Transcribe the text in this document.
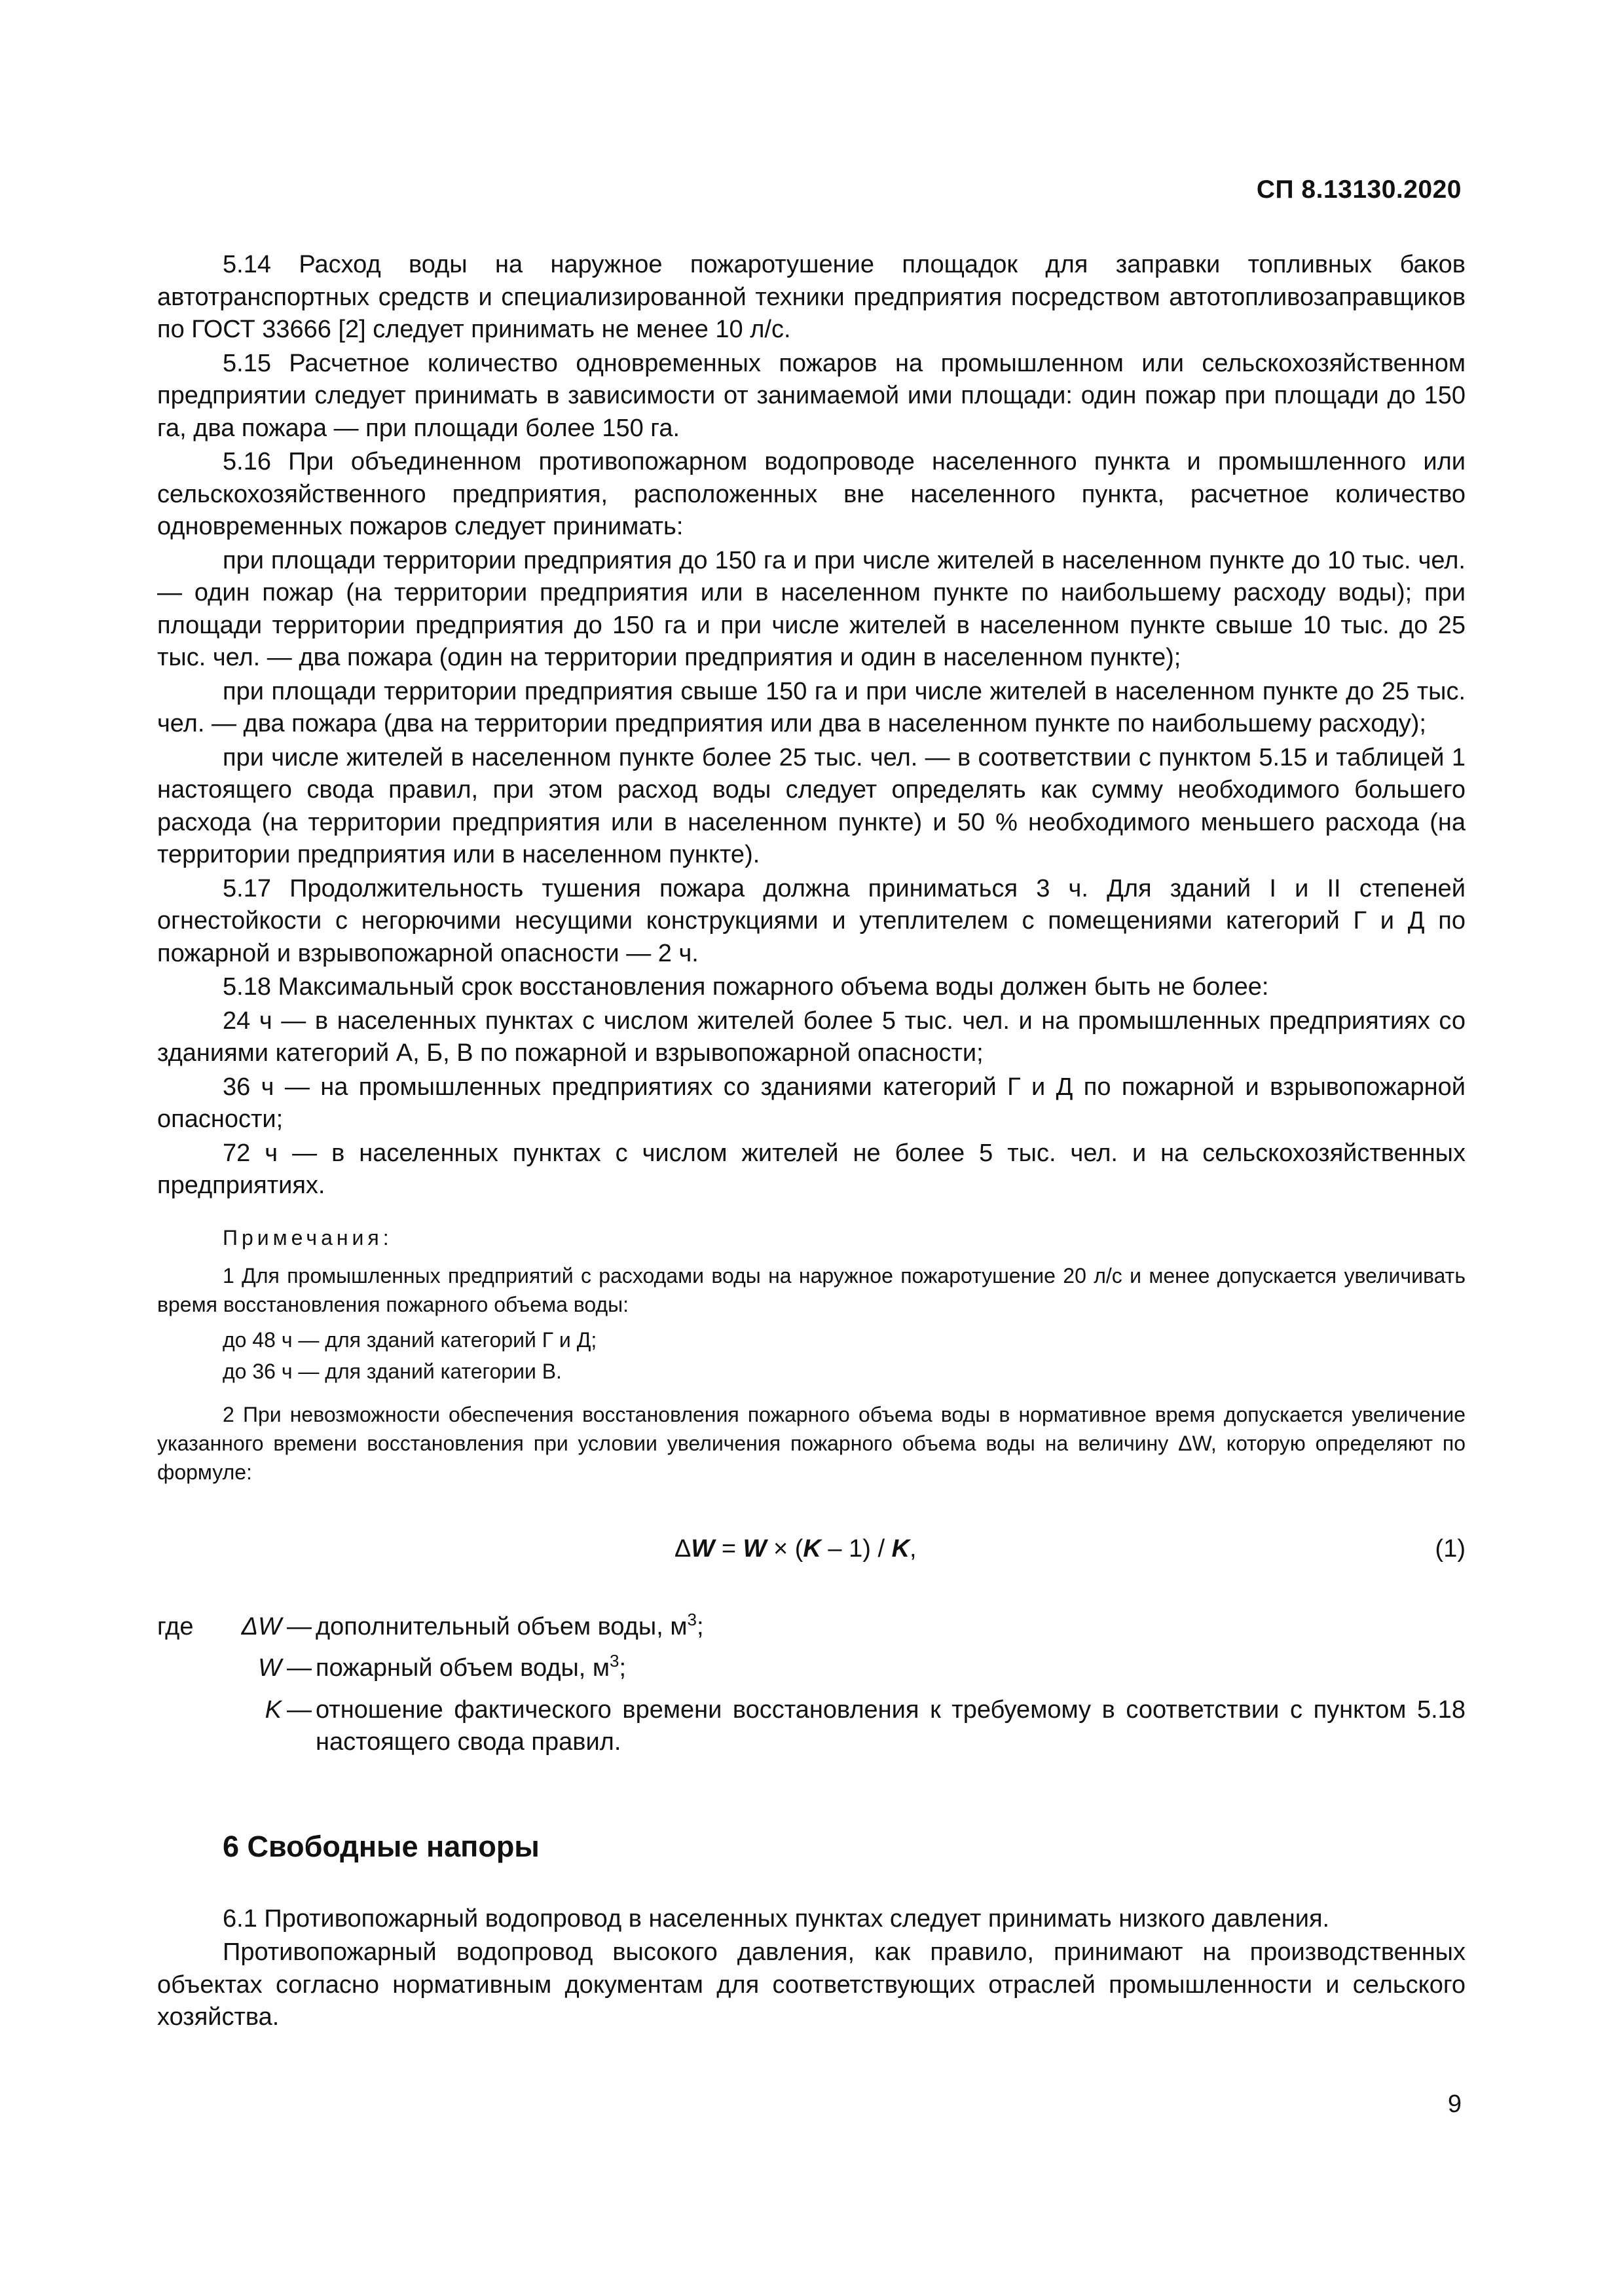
СП 8.13130.2020

5.14 Расход воды на наружное пожаротушение площадок для заправки топливных баков автотранспортных средств и специализированной техники предприятия посредством автотопливозаправщиков по ГОСТ 33666 [2] следует принимать не менее 10 л/с.

5.15 Расчетное количество одновременных пожаров на промышленном или сельскохозяйственном предприятии следует принимать в зависимости от занимаемой ими площади: один пожар при площади до 150 га, два пожара — при площади более 150 га.

5.16 При объединенном противопожарном водопроводе населенного пункта и промышленного или сельскохозяйственного предприятия, расположенных вне населенного пункта, расчетное количество одновременных пожаров следует принимать:

при площади территории предприятия до 150 га и при числе жителей в населенном пункте до 10 тыс. чел. — один пожар (на территории предприятия или в населенном пункте по наибольшему расходу воды); при площади территории предприятия до 150 га и при числе жителей в населенном пункте свыше 10 тыс. до 25 тыс. чел. — два пожара (один на территории предприятия и один в населенном пункте);

при площади территории предприятия свыше 150 га и при числе жителей в населенном пункте до 25 тыс. чел. — два пожара (два на территории предприятия или два в населенном пункте по наибольшему расходу);

при числе жителей в населенном пункте более 25 тыс. чел. — в соответствии с пунктом 5.15 и таблицей 1 настоящего свода правил, при этом расход воды следует определять как сумму необходимого большего расхода (на территории предприятия или в населенном пункте) и 50 % необходимого меньшего расхода (на территории предприятия или в населенном пункте).

5.17 Продолжительность тушения пожара должна приниматься 3 ч. Для зданий I и II степеней огнестойкости с негорючими несущими конструкциями и утеплителем с помещениями категорий Г и Д по пожарной и взрывопожарной опасности — 2 ч.

5.18 Максимальный срок восстановления пожарного объема воды должен быть не более:

24 ч — в населенных пунктах с числом жителей более 5 тыс. чел. и на промышленных предприятиях со зданиями категорий А, Б, В по пожарной и взрывопожарной опасности;

36 ч — на промышленных предприятиях со зданиями категорий Г и Д по пожарной и взрывопожарной опасности;

72 ч — в населенных пунктах с числом жителей не более 5 тыс. чел. и на сельскохозяйственных предприятиях.

Примечания:

1 Для промышленных предприятий с расходами воды на наружное пожаротушение 20 л/с и менее допускается увеличивать время восстановления пожарного объема воды:

до 48 ч — для зданий категорий Г и Д;
до 36 ч — для зданий категории В.

2 При невозможности обеспечения восстановления пожарного объема воды в нормативное время допускается увеличение указанного времени восстановления при условии увеличения пожарного объема воды на величину ΔW, которую определяют по формуле:

ΔW = W × (K – 1) / K,	(1)
где	ΔW — дополнительный объем воды, $м^3$;
W — пожарный объем воды, $м^3$;
K — отношение фактического времени восстановления к требуемому в соответствии с пунктом 5.18 настоящего свода правил.
6 Свободные напоры

6.1 Противопожарный водопровод в населенных пунктах следует принимать низкого давления.

Противопожарный водопровод высокого давления, как правило, принимают на производственных объектах согласно нормативным документам для соответствующих отраслей промышленности и сельского хозяйства.

9
